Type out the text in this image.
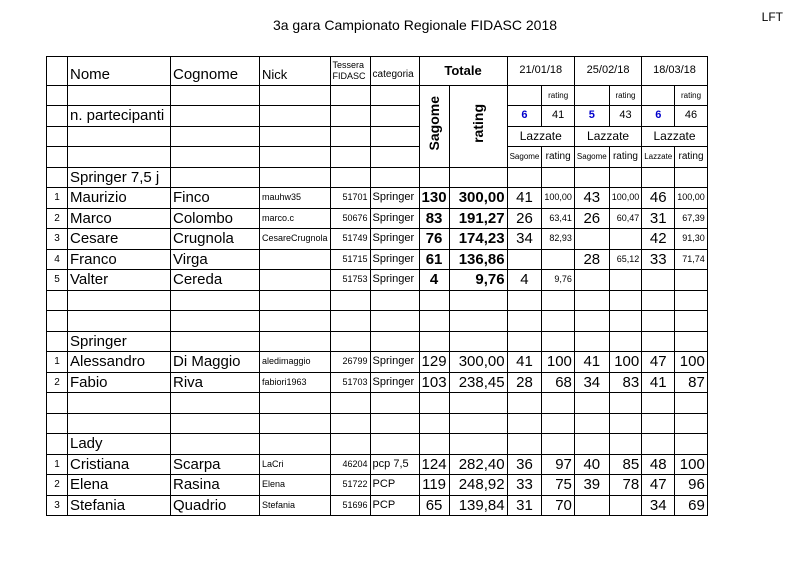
3a gara Campionato Regionale FIDASC 2018	LFT
	Nome	Cognome	Nick	Tessera
FIDASC	categoria	Totale		21/01/18		25/02/18		18/03/18	
						Sagome	rating		rating		rating		rating
	n. partecipanti							6	41	5	43	6	46
								Lazzate		Lazzate		Lazzate	
								Sagome	rating	Sagome	rating	Lazzate	rating
	Springer 7,5 j												
1	Maurizio	Finco	mauhw35	51701	Springer	130	300,00	41	100,00	43	100,00	46	100,00
2	Marco	Colombo	marco.c	50676	Springer	83	191,27	26	63,41	26	60,47	31	67,39
3	Cesare	Crugnola	CesareCrugnola	51749	Springer	76	174,23	34	82,93			42	91,30
4	Franco	Virga		51715	Springer	61	136,86			28	65,12	33	71,74
5	Valter	Cereda		51753	Springer	4	9,76	4	9,76				

	Springer												
1	Alessandro	Di Maggio	aledimaggio	26799	Springer	129	300,00	41	100	41	100	47	100
2	Fabio	Riva	fabiori1963	51703	Springer	103	238,45	28	68	34	83	41	87

	Lady												
1	Cristiana	Scarpa	LaCri	46204	pcp 7,5	124	282,40	36	97	40	85	48	100
2	Elena	Rasina	Elena	51722	PCP	119	248,92	33	75	39	78	47	96
3	Stefania	Quadrio	Stefania	51696	PCP	65	139,84	31	70			34	69
